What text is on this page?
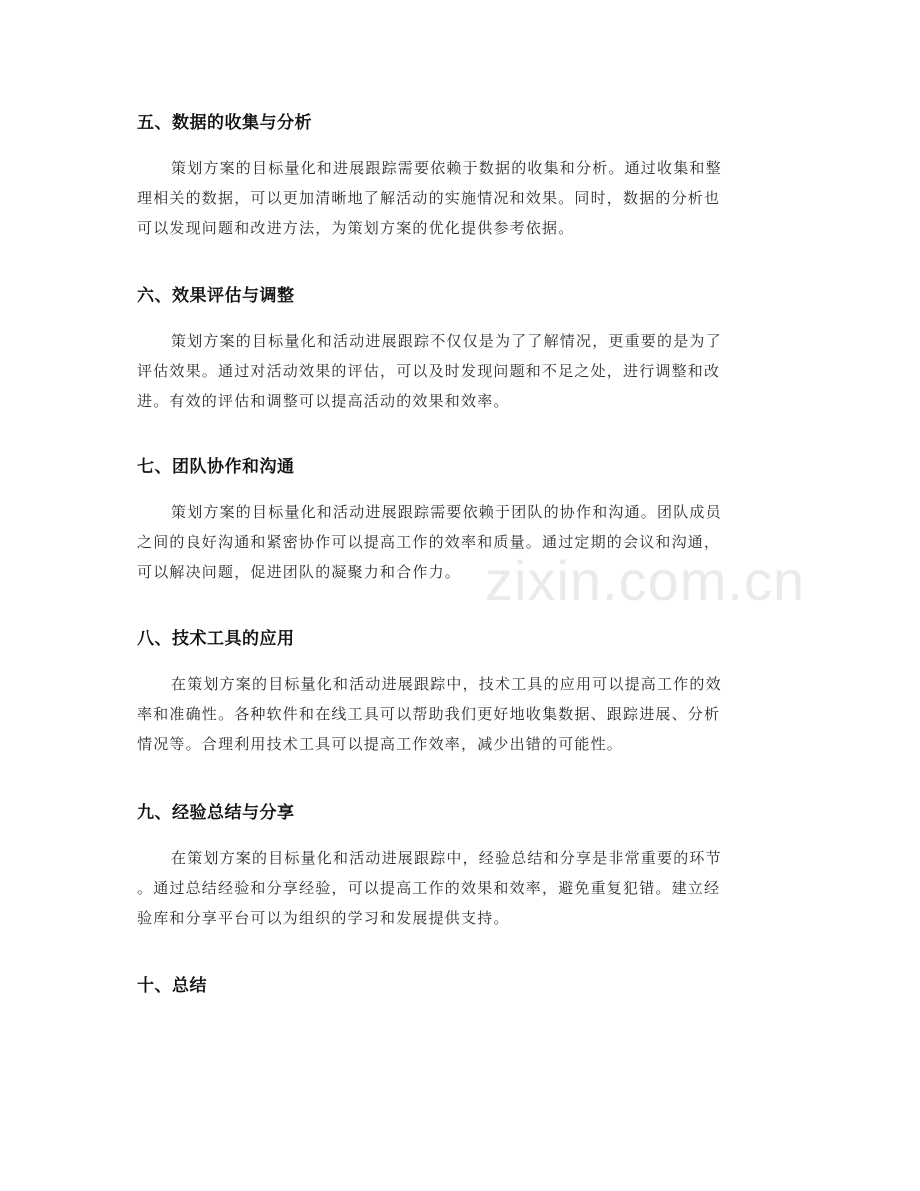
五、数据的收集与分析
策划方案的目标量化和进展跟踪需要依赖于数据的收集和分析。通过收集和整
理相关的数据，可以更加清晰地了解活动的实施情况和效果。同时，数据的分析也
可以发现问题和改进方法，为策划方案的优化提供参考依据。
六、效果评估与调整
策划方案的目标量化和活动进展跟踪不仅仅是为了了解情况，更重要的是为了
评估效果。通过对活动效果的评估，可以及时发现问题和不足之处，进行调整和改
进。有效的评估和调整可以提高活动的效果和效率。
七、团队协作和沟通
策划方案的目标量化和活动进展跟踪需要依赖于团队的协作和沟通。团队成员
之间的良好沟通和紧密协作可以提高工作的效率和质量。通过定期的会议和沟通，
可以解决问题，促进团队的凝聚力和合作力。
八、技术工具的应用
在策划方案的目标量化和活动进展跟踪中，技术工具的应用可以提高工作的效
率和准确性。各种软件和在线工具可以帮助我们更好地收集数据、跟踪进展、分析
情况等。合理利用技术工具可以提高工作效率，减少出错的可能性。
九、经验总结与分享
在策划方案的目标量化和活动进展跟踪中，经验总结和分享是非常重要的环节
。通过总结经验和分享经验，可以提高工作的效果和效率，避免重复犯错。建立经
验库和分享平台可以为组织的学习和发展提供支持。
十、总结
zixin.com.cn
